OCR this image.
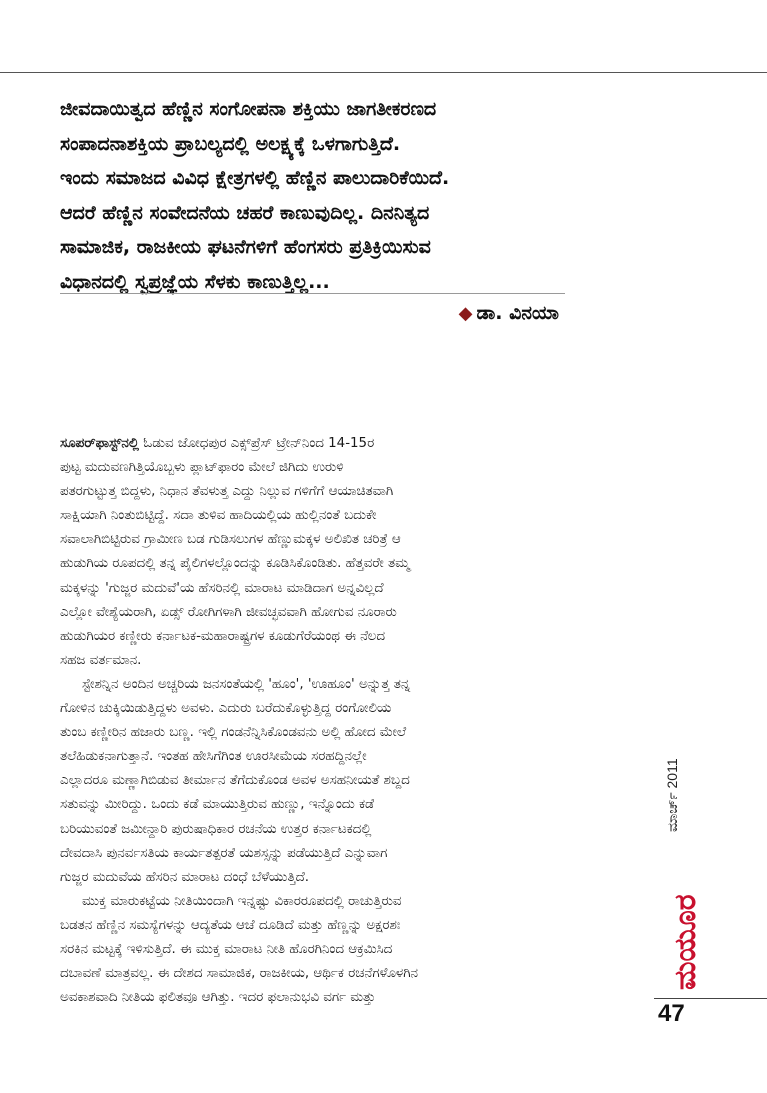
ಜೀವದಾಯಿತ್ವದ ಹೆಣ್ಣಿನ ಸಂಗೋಪನಾ ಶಕ್ತಿಯು ಜಾಗತೀಕರಣದ

ಸಂಪಾದನಾಶಕ್ತಿಯ ಪ್ರಾಬಲ್ಯದಲ್ಲಿ ಅಲಕ್ಷ್ಯಕ್ಕೆ ಒಳಗಾಗುತ್ತಿದೆ.

ಇಂದು ಸಮಾಜದ ವಿವಿಧ ಕ್ಷೇತ್ರಗಳಲ್ಲಿ ಹೆಣ್ಣಿನ ಪಾಲುದಾರಿಕೆಯಿದೆ.

ಆದರೆ ಹೆಣ್ಣಿನ ಸಂವೇದನೆಯ ಚಹರೆ ಕಾಣುವುದಿಲ್ಲ. ದಿನನಿತ್ಯದ

ಸಾಮಾಜಿಕ, ರಾಜಕೀಯ ಘಟನೆಗಳಿಗೆ ಹೆಂಗಸರು ಪ್ರತಿಕ್ರಿಯಿಸುವ

ವಿಧಾನದಲ್ಲಿ ಸ್ವಪ್ರಜ್ಞೆಯ ಸೆಳಕು ಕಾಣುತ್ತಿಲ್ಲ...

◆ ಡಾ. ವಿನಯಾ

ಸೂಪರ್‌ಫಾಸ್ಟ್‌ನಲ್ಲಿ ಓಡುವ ಜೋಧಪುರ ಎಕ್ಸ್‌ಪ್ರೆಸ್ ಟ್ರೇನ್‌ನಿಂದ 14-15ರ
ಪುಟ್ಟ ಮದುವಣಗಿತ್ತಿಯೊಬ್ಬಳು ಪ್ಲಾಟ್‌ಫಾರಂ ಮೇಲೆ ಜಿಗಿದು ಉರುಳಿ
ಪತರಗುಟ್ಟುತ್ತ ಬಿದ್ದಳು, ನಿಧಾನ ತೆವಳುತ್ತ ಎದ್ದು ನಿಲ್ಲುವ ಗಳಿಗೆಗೆ ಆಯಾಚಿತವಾಗಿ
ಸಾಕ್ಷಿಯಾಗಿ ನಿಂತುಬಿಟ್ಟಿದ್ದೆ. ಸದಾ ತುಳಿವ ಹಾದಿಯಲ್ಲಿಯ ಹುಲ್ಲಿನಂತೆ ಬದುಕೇ
ಸವಾಲಾಗಿಬಿಟ್ಟಿರುವ ಗ್ರಾಮೀಣ ಬಡ ಗುಡಿಸಲುಗಳ ಹೆಣ್ಣುಮಕ್ಕಳ ಅಲಿಖಿತ ಚರಿತ್ರೆ ಆ
ಹುಡುಗಿಯ ರೂಪದಲ್ಲಿ ತನ್ನ ಪೈಲಿಗಳಲ್ಲೊಂದನ್ನು ಕೂಡಿಸಿಕೊಂಡಿತು. ಹೆತ್ತವರೇ ತಮ್ಮ
ಮಕ್ಕಳನ್ನು 'ಗುಜ್ಜರ ಮದುವೆ'ಯ ಹೆಸರಿನಲ್ಲಿ ಮಾರಾಟ ಮಾಡಿದಾಗ ಅನ್ನವಿಲ್ಲದೆ
ಎಲ್ಲೋ ವೇಶ್ಯೆಯರಾಗಿ, ಏಡ್ಸ್ ರೋಗಿಗಳಾಗಿ ಜೀವಚ್ಛವವಾಗಿ ಹೋಗುವ ನೂರಾರು
ಹುಡುಗಿಯರ ಕಣ್ಣೀರು ಕರ್ನಾಟಕ-ಮಹಾರಾಷ್ಟ್ರಗಳ ಕೂಡುಗೆರೆಯಂಥ ಈ ನೆಲದ
ಸಹಜ ವರ್ತಮಾನ.

ಸ್ಟೇಶನ್ನಿನ ಅಂದಿನ ಅಚ್ಚರಿಯ ಜನಸಂತೆಯಲ್ಲಿ 'ಹೂಂ', 'ಊಹೂಂ' ಅನ್ನುತ್ತ ತನ್ನ
ಗೋಳಿನ ಚುಕ್ಕಿಯಿಡುತ್ತಿದ್ದಳು ಅವಳು. ಎದುರು ಬರೆದುಕೊಳ್ಳುತ್ತಿದ್ದ ರಂಗೋಲಿಯ
ತುಂಬ ಕಣ್ಣೀರಿನ ಹಜಾರು ಬಣ್ಣ. ಇಲ್ಲಿ ಗಂಡನೆನ್ನಿಸಿಕೊಂಡವನು ಅಲ್ಲಿ ಹೋದ ಮೇಲೆ
ತಲೆಹಿಡುಕನಾಗುತ್ತಾನೆ. ಇಂತಹ ಹೇಸಿಗೆಗಿಂತ ಊರಸೀಮೆಯ ಸರಹದ್ದಿನಲ್ಲೇ
ಎಲ್ಲಾದರೂ ಮಣ್ಣಾಗಿಬಿಡುವ ತೀರ್ಮಾನ ತೆಗೆದುಕೊಂಡ ಅವಳ ಅಸಹನೀಯತೆ ಶಬ್ದದ
ಸತುವನ್ನು ಮೀರಿದ್ದು. ಒಂದು ಕಡೆ ಮಾಯುತ್ತಿರುವ ಹುಣ್ಣು, ಇನ್ನೊಂದು ಕಡೆ
ಬರಿಯುವಂತೆ ಜಮೀನ್ದಾರಿ ಪುರುಷಾಧಿಕಾರ ರಚನೆಯ ಉತ್ತರ ಕರ್ನಾಟಕದಲ್ಲಿ
ದೇವದಾಸಿ ಪುನರ್ವಸತಿಯ ಕಾರ್ಯತತ್ಪರತೆ ಯಶಸ್ಸನ್ನು ಪಡೆಯುತ್ತಿದೆ ಎನ್ನುವಾಗ
ಗುಜ್ಜರ ಮದುವೆಯ ಹೆಸರಿನ ಮಾರಾಟ ದಂಧೆ ಬೆಳೆಯುತ್ತಿದೆ.

ಮುಕ್ತ ಮಾರುಕಟ್ಟೆಯ ನೀತಿಯಿಂದಾಗಿ ಇನ್ನಷ್ಟು ವಿಕಾರರೂಪದಲ್ಲಿ ರಾಚುತ್ತಿರುವ
ಬಡತನ ಹೆಣ್ಣಿನ ಸಮಸ್ಯೆಗಳನ್ನು ಆದ್ಯತೆಯ ಆಚೆ ದೂಡಿದೆ ಮತ್ತು ಹೆಣ್ಣನ್ನು ಅಕ್ಷರಶಃ
ಸರಕಿನ ಮಟ್ಟಕ್ಕೆ ಇಳಿಸುತ್ತಿದೆ. ಈ ಮುಕ್ತ ಮಾರಾಟ ನೀತಿ ಹೊರಗಿನಿಂದ ಆಕ್ರಮಿಸಿದ
ದಬಾವಣೆ ಮಾತ್ರವಲ್ಲ. ಈ ದೇಶದ ಸಾಮಾಜಿಕ, ರಾಜಕೀಯ, ಆರ್ಥಿಕ ರಚನೆಗಳೊಳಗಿನ
ಅವಕಾಶವಾದಿ ನೀತಿಯ ಫಲಿತವೂ ಆಗಿತ್ತು. ಇದರ ಫಲಾನುಭವಿ ವರ್ಗ ಮತ್ತು

ಮಾರ್ಚ್ 2011
ಮಯೂರ
47
